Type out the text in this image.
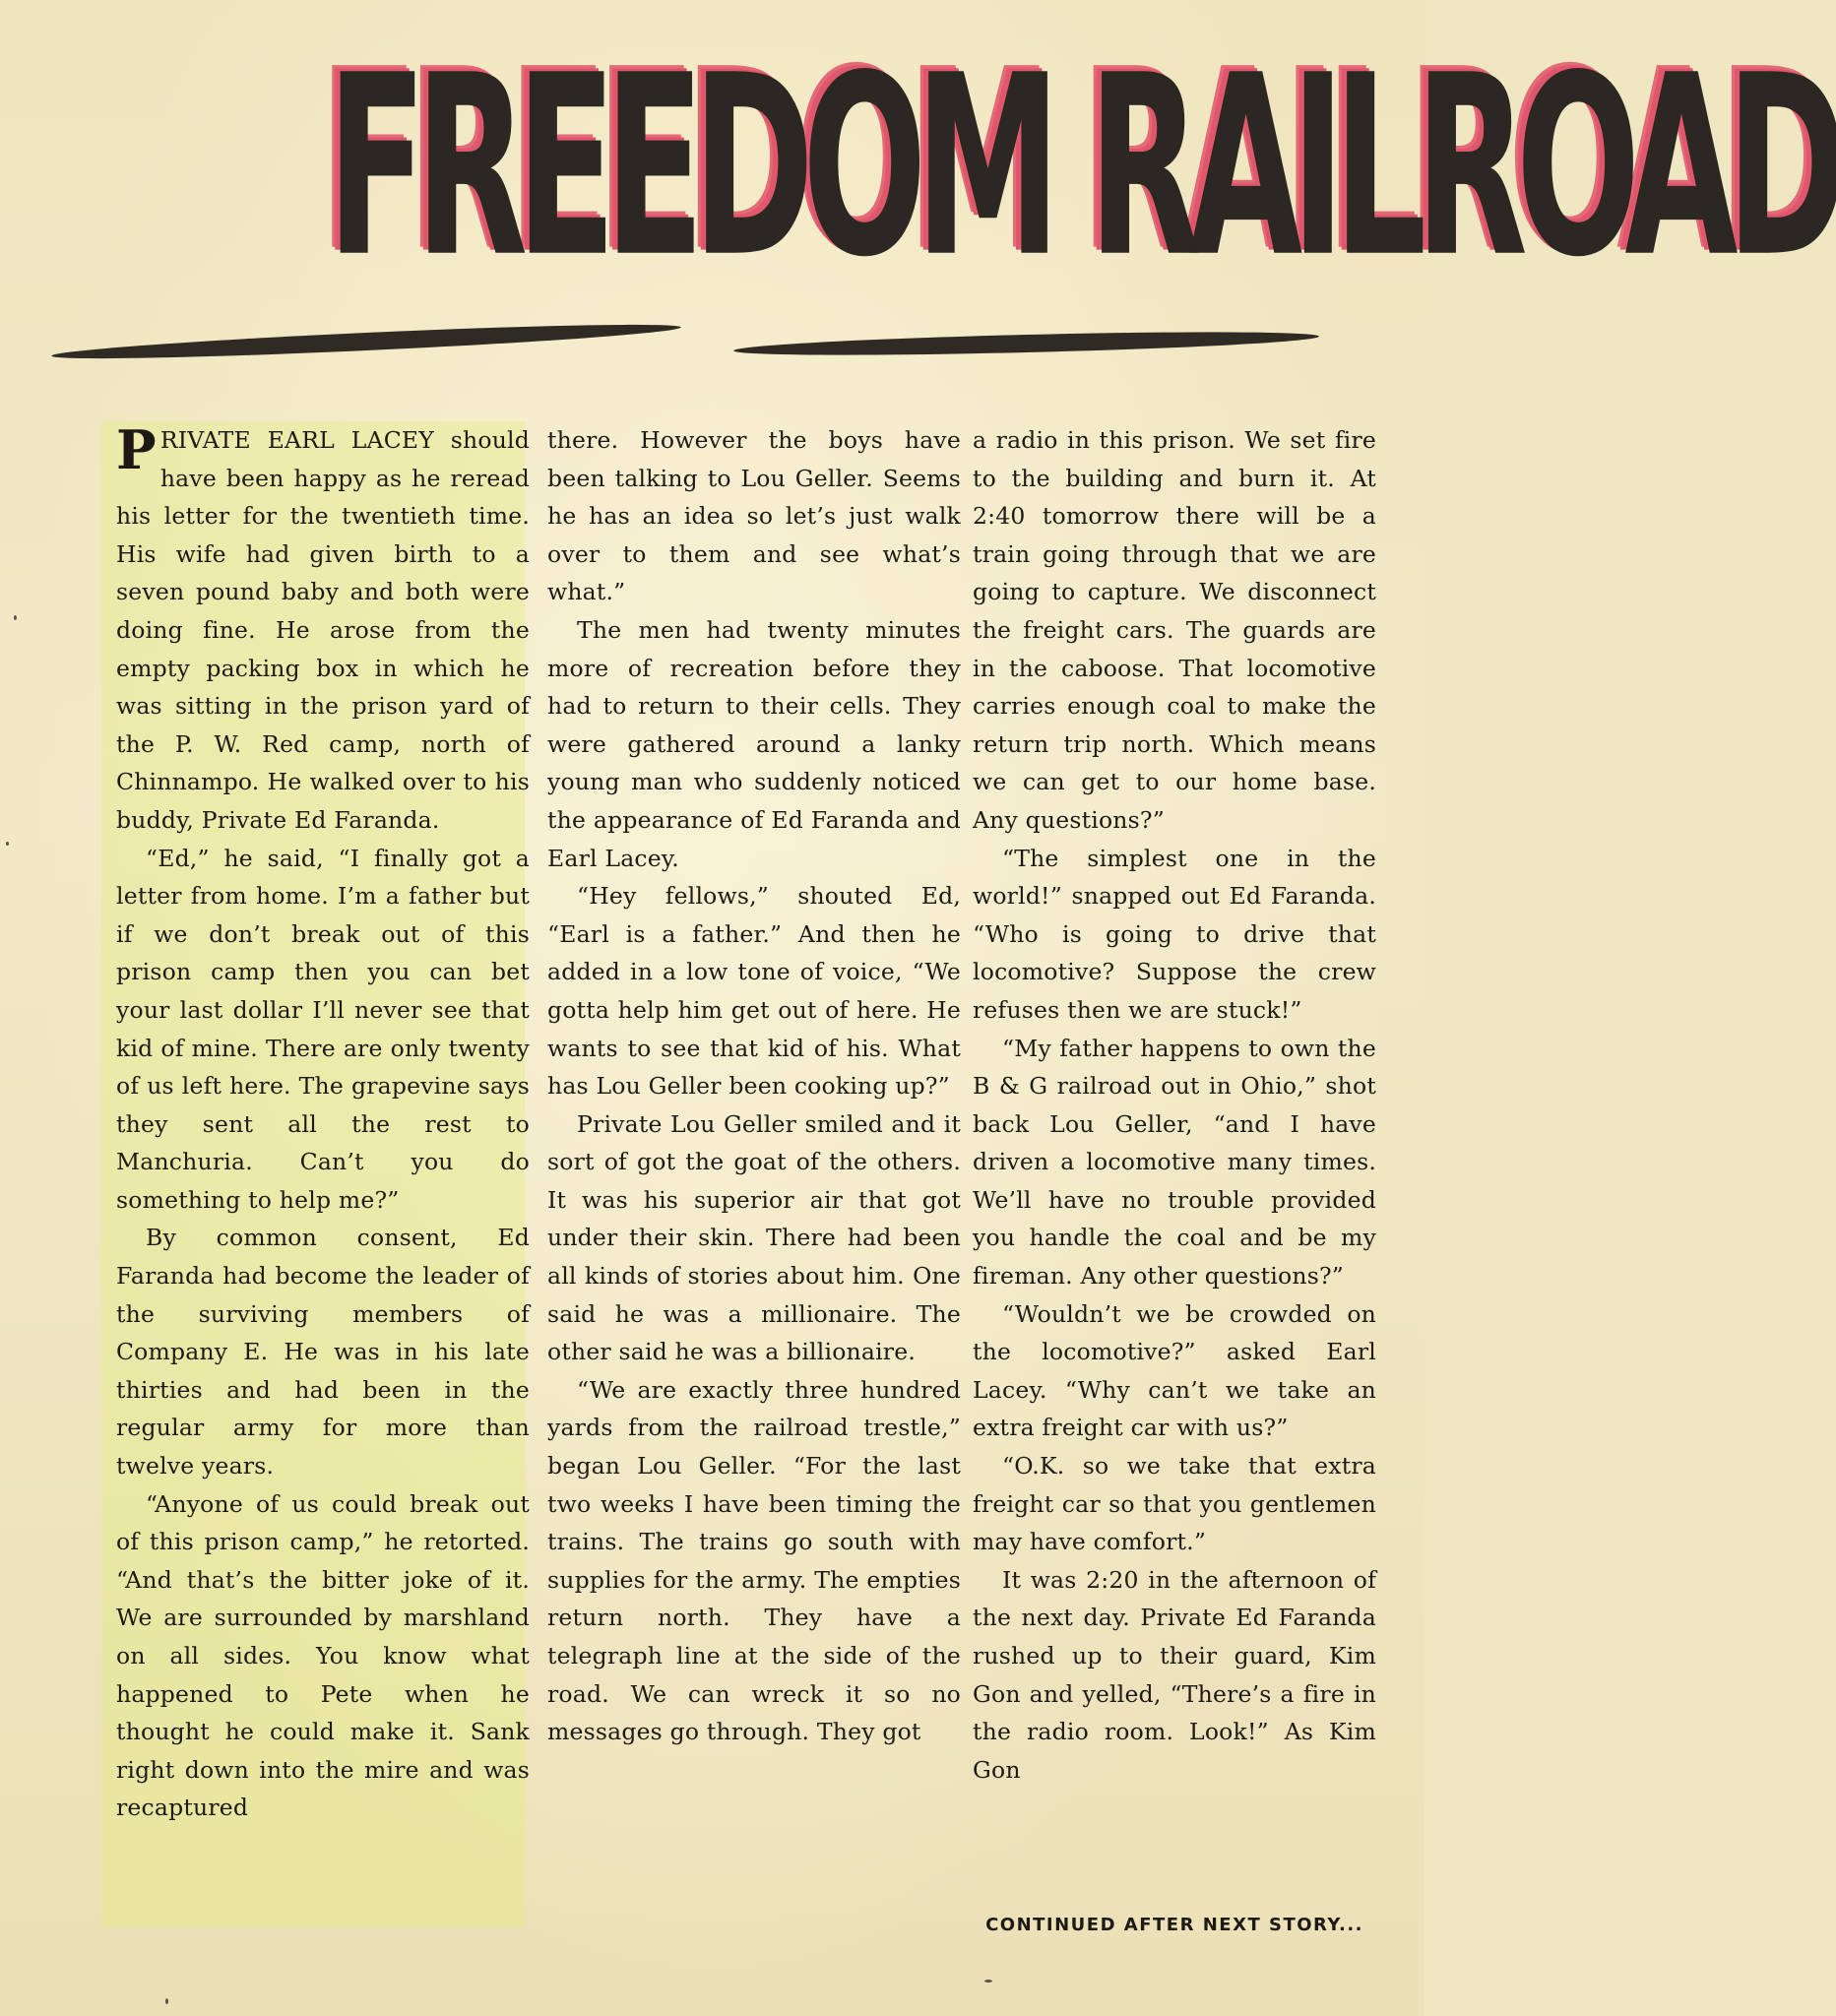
FREEDOM RAILROAD

PRIVATE EARL LACEY should have been happy as he reread his letter for the twentieth time. His wife had given birth to a seven pound baby and both were doing fine. He arose from the empty packing box in which he was sitting in the prison yard of the P. W. Red camp, north of Chinnampo. He walked over to his buddy, Private Ed Faranda.

“Ed,” he said, “I finally got a letter from home. I’m a father but if we don’t break out of this prison camp then you can bet your last dollar I’ll never see that kid of mine. There are only twenty of us left here. The grapevine says they sent all the rest to Manchuria. Can’t you do something to help me?”

By common consent, Ed Faranda had become the leader of the surviving members of Company E. He was in his late thirties and had been in the regular army for more than twelve years.

“Anyone of us could break out of this prison camp,” he retorted. “And that’s the bitter joke of it. We are surrounded by marshland on all sides. You know what happened to Pete when he thought he could make it. Sank right down into the mire and was recaptured

there. However the boys have been talking to Lou Geller. Seems he has an idea so let’s just walk over to them and see what’s what.”

The men had twenty minutes more of recreation before they had to return to their cells. They were gathered around a lanky young man who suddenly noticed the appearance of Ed Faranda and Earl Lacey.

“Hey fellows,” shouted Ed, “Earl is a father.” And then he added in a low tone of voice, “We gotta help him get out of here. He wants to see that kid of his. What has Lou Geller been cooking up?”

Private Lou Geller smiled and it sort of got the goat of the others. It was his superior air that got under their skin. There had been all kinds of stories about him. One said he was a millionaire. The other said he was a billionaire.

“We are exactly three hundred yards from the railroad trestle,” began Lou Geller. “For the last two weeks I have been timing the trains. The trains go south with supplies for the army. The empties return north. They have a telegraph line at the side of the road. We can wreck it so no messages go through. They got

a radio in this prison. We set fire to the building and burn it. At 2:40 tomorrow there will be a train going through that we are going to capture. We disconnect the freight cars. The guards are in the caboose. That locomotive carries enough coal to make the return trip north. Which means we can get to our home base. Any questions?”

“The simplest one in the world!” snapped out Ed Faranda. “Who is going to drive that locomotive? Suppose the crew refuses then we are stuck!”

“My father happens to own the B & G railroad out in Ohio,” shot back Lou Geller, “and I have driven a locomotive many times. We’ll have no trouble provided you handle the coal and be my fireman. Any other questions?”

“Wouldn’t we be crowded on the locomotive?” asked Earl Lacey. “Why can’t we take an extra freight car with us?”

“O.K. so we take that extra freight car so that you gentlemen may have comfort.”

It was 2:20 in the afternoon of the next day. Private Ed Faranda rushed up to their guard, Kim Gon and yelled, “There’s a fire in the radio room. Look!” As Kim Gon

CONTINUED AFTER NEXT STORY...
